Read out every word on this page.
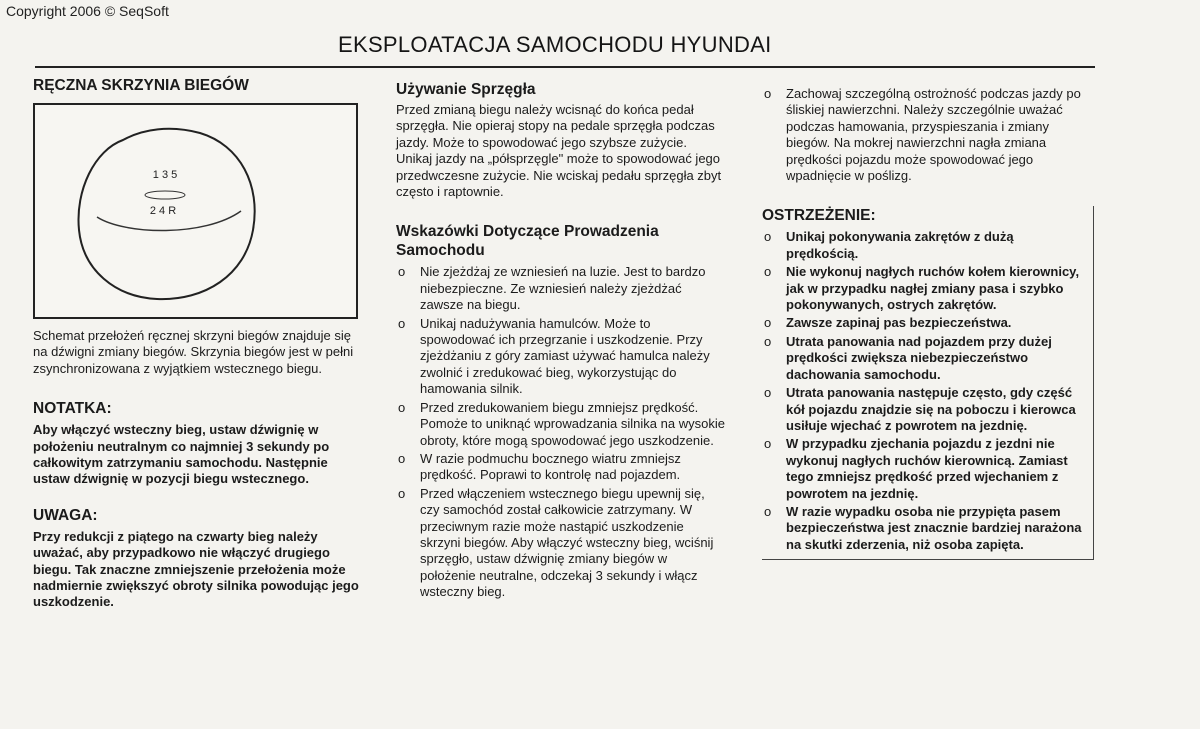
Copyright 2006 © SeqSoft
EKSPLOATACJA SAMOCHODU HYUNDAI
RĘCZNA SKRZYNIA BIEGÓW
1 3 5
2 4 R

Schemat przełożeń ręcznej skrzyni biegów znajduje się na dźwigni zmiany biegów. Skrzynia biegów jest w pełni zsynchronizowana z wyjątkiem wstecznego biegu.

NOTATKA:

Aby włączyć wsteczny bieg, ustaw dźwignię w położeniu neutralnym co najmniej 3 sekundy po całkowitym zatrzymaniu samochodu. Następnie ustaw dźwignię w pozycji biegu wstecznego.

UWAGA:

Przy redukcji z piątego na czwarty bieg należy uważać, aby przypadkowo nie włączyć drugiego biegu. Tak znaczne zmniejszenie przełożenia może nadmiernie zwiększyć obroty silnika powodując jego uszkodzenie.

Używanie Sprzęgła

Przed zmianą biegu należy wcisnąć do końca pedał sprzęgła. Nie opieraj stopy na pedale sprzęgła podczas jazdy. Może to spowodować jego szybsze zużycie. Unikaj jazdy na „półsprzęgle" może to spowodować jego przedwczesne zużycie. Nie wciskaj pedału sprzęgła zbyt często i raptownie.

Wskazówki Dotyczące Prowadzenia Samochodu
o Nie zjeżdżaj ze wzniesień na luzie. Jest to bardzo niebezpieczne. Ze wzniesień należy zjeżdżać zawsze na biegu.
o Unikaj nadużywania hamulców. Może to spowodować ich przegrzanie i uszkodzenie. Przy zjeżdżaniu z góry zamiast używać hamulca należy zwolnić i zredukować bieg, wykorzystując do hamowania silnik.
o Przed zredukowaniem biegu zmniejsz prędkość. Pomoże to uniknąć wprowadzania silnika na wysokie obroty, które mogą spowodować jego uszkodzenie.
o W razie podmuchu bocznego wiatru zmniejsz prędkość. Poprawi to kontrolę nad pojazdem.
o Przed włączeniem wstecznego biegu upewnij się, czy samochód został całkowicie zatrzymany. W przeciwnym razie może nastąpić uszkodzenie skrzyni biegów. Aby włączyć wsteczny bieg, wciśnij sprzęgło, ustaw dźwignię zmiany biegów w położenie neutralne, odczekaj 3 sekundy i włącz wsteczny bieg.
o Zachowaj szczególną ostrożność podczas jazdy po śliskiej nawierzchni. Należy szczególnie uważać podczas hamowania, przyspieszania i zmiany biegów. Na mokrej nawierzchni nagła zmiana prędkości pojazdu może spowodować jego wpadnięcie w poślizg.
OSTRZEŻENIE:
o Unikaj pokonywania zakrętów z dużą prędkością.
o Nie wykonuj nagłych ruchów kołem kierownicy, jak w przypadku nagłej zmiany pasa i szybko pokonywanych, ostrych zakrętów.
o Zawsze zapinaj pas bezpieczeństwa.
o Utrata panowania nad pojazdem przy dużej prędkości zwiększa niebezpieczeństwo dachowania samochodu.
o Utrata panowania następuje często, gdy część kół pojazdu znajdzie się na poboczu i kierowca usiłuje wjechać z powrotem na jezdnię.
o W przypadku zjechania pojazdu z jezdni nie wykonuj nagłych ruchów kierownicą. Zamiast tego zmniejsz prędkość przed wjechaniem z powrotem na jezdnię.
o W razie wypadku osoba nie przypięta pasem bezpieczeństwa jest znacznie bardziej narażona na skutki zderzenia, niż osoba zapięta.
